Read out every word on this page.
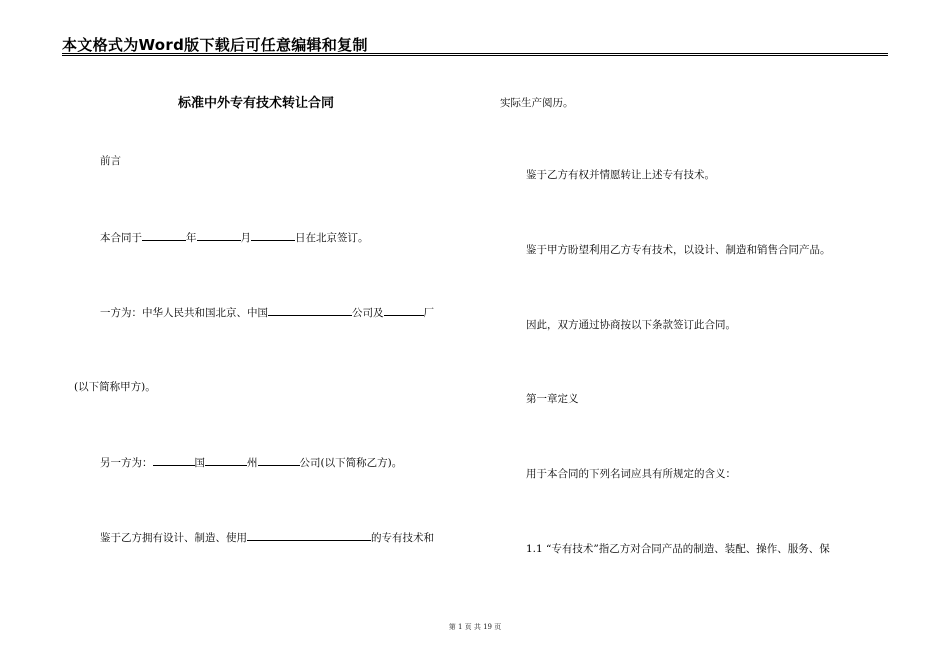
本文格式为Word版下载后可任意编辑和复制
标准中外专有技术转让合同
前言
本合同于	年	月	日在北京签订。
一方为：中华人民共和国北京、中国	公司及	厂
(以下简称甲方)。
另一方为：	国	州	公司(以下简称乙方)。
鉴于乙方拥有设计、制造、使用	的专有技术和
实际生产阅历。
鉴于乙方有权并情愿转让上述专有技术。
鉴于甲方盼望利用乙方专有技术，以设计、制造和销售合同产品。
因此，双方通过协商按以下条款签订此合同。
第一章定义
用于本合同的下列名词应具有所规定的含义：
1.1 “专有技术”指乙方对合同产品的制造、装配、操作、服务、保
第 1 页 共 19 页
